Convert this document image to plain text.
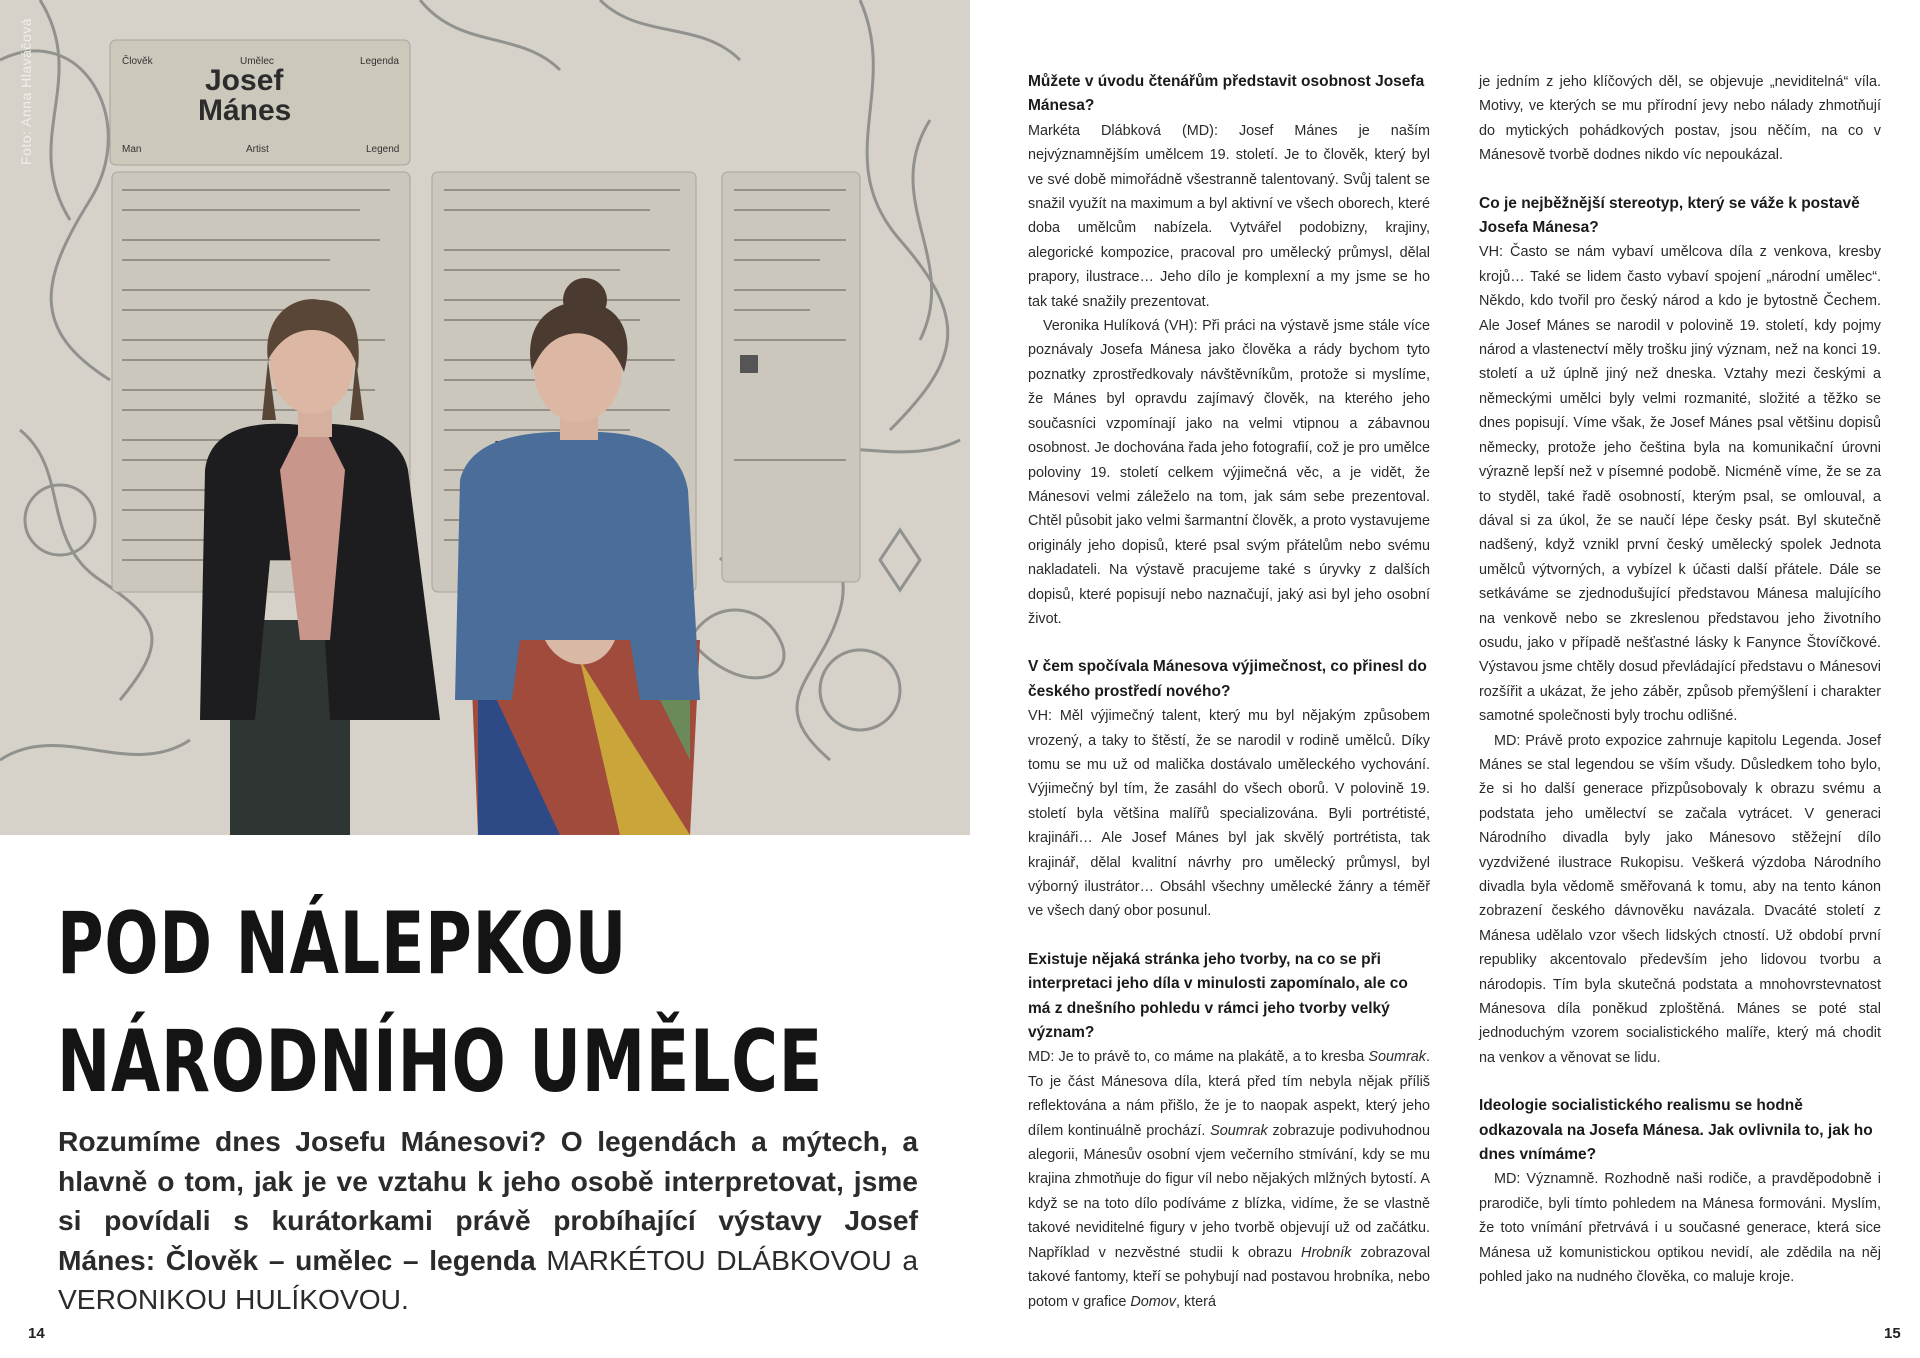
Člověk	Umělec	Legenda
Josef
Mánes
Man	Artist	Legend
Foto: Anna Hlaváčová
POD NÁLEPKOU
NÁRODNÍHO UMĚLCE
Rozumíme dnes Josefu Mánesovi? O legendách a mýtech, a hlavně o tom, jak je ve vztahu k jeho osobě interpretovat, jsme si povídali s kurátorkami právě probíhající výstavy Josef Mánes: Člověk – umělec – legenda MARKÉTOU DLÁBKOVOU a VERONIKOU HULÍKOVOU.
14	15
Můžete v úvodu čtenářům představit osobnost Josefa Mánesa?

Markéta Dlábková (MD): Josef Mánes je naším nejvýznamnějším umělcem 19. století. Je to člověk, který byl ve své době mimořádně všestranně talentovaný. Svůj talent se snažil využít na maximum a byl aktivní ve všech oborech, které doba umělcům nabízela. Vytvářel podobizny, krajiny, alegorické kompozice, pracoval pro umělecký průmysl, dělal prapory, ilustrace… Jeho dílo je komplexní a my jsme se ho tak také snažily prezentovat.

Veronika Hulíková (VH): Při práci na výstavě jsme stále více poznávaly Josefa Mánesa jako člověka a rády bychom tyto poznatky zprostředkovaly návštěvníkům, protože si myslíme, že Mánes byl opravdu zajímavý člověk, na kterého jeho současníci vzpomínají jako na velmi vtipnou a zábavnou osobnost. Je dochována řada jeho fotografií, což je pro umělce poloviny 19. století celkem výjimečná věc, a je vidět, že Mánesovi velmi záleželo na tom, jak sám sebe prezentoval. Chtěl působit jako velmi šarmantní člověk, a proto vystavujeme originály jeho dopisů, které psal svým přátelům nebo svému nakladateli. Na výstavě pracujeme také s úryvky z dalších dopisů, které popisují nebo naznačují, jaký asi byl jeho osobní život.

V čem spočívala Mánesova výjimečnost, co přinesl do českého prostředí nového?

VH: Měl výjimečný talent, který mu byl nějakým způsobem vrozený, a taky to štěstí, že se narodil v rodině umělců. Díky tomu se mu už od malička dostávalo uměleckého vychování. Výjimečný byl tím, že zasáhl do všech oborů. V polovině 19. století byla většina malířů specializována. Byli portrétisté, krajináři… Ale Josef Mánes byl jak skvělý portrétista, tak krajinář, dělal kvalitní návrhy pro umělecký průmysl, byl výborný ilustrátor… Obsáhl všechny umělecké žánry a téměř ve všech daný obor posunul.

Existuje nějaká stránka jeho tvorby, na co se při interpretaci jeho díla v minulosti zapomínalo, ale co má z dnešního pohledu v rámci jeho tvorby velký význam?

MD: Je to právě to, co máme na plakátě, a to kresba Soumrak. To je část Mánesova díla, která před tím nebyla nějak příliš reflektována a nám přišlo, že je to naopak aspekt, který jeho dílem kontinuálně prochází. Soumrak zobrazuje podivuhodnou alegorii, Mánesův osobní vjem večerního stmívání, kdy se mu krajina zhmotňuje do figur víl nebo nějakých mlžných bytostí. A když se na toto dílo podíváme z blízka, vidíme, že se vlastně takové neviditelné figury v jeho tvorbě objevují už od začátku. Například v nezvěstné studii k obrazu Hrobník zobrazoval takové fantomy, kteří se pohybují nad postavou hrobníka, nebo potom v grafice Domov, která

je jedním z jeho klíčových děl, se objevuje „neviditelná“ víla. Motivy, ve kterých se mu přírodní jevy nebo nálady zhmotňují do mytických pohádkových postav, jsou něčím, na co v Mánesově tvorbě dodnes nikdo víc nepoukázal.

Co je nejběžnější stereotyp, který se váže k postavě Josefa Mánesa?

VH: Často se nám vybaví umělcova díla z venkova, kresby krojů… Také se lidem často vybaví spojení „národní umělec“. Někdo, kdo tvořil pro český národ a kdo je bytostně Čechem. Ale Josef Mánes se narodil v polovině 19. století, kdy pojmy národ a vlastenectví měly trošku jiný význam, než na konci 19. století a už úplně jiný než dneska. Vztahy mezi českými a německými umělci byly velmi rozmanité, složité a těžko se dnes popisují. Víme však, že Josef Mánes psal většinu dopisů německy, protože jeho čeština byla na komunikační úrovni výrazně lepší než v písemné podobě. Nicméně víme, že se za to styděl, také řadě osobností, kterým psal, se omlouval, a dával si za úkol, že se naučí lépe česky psát. Byl skutečně nadšený, když vznikl první český umělecký spolek Jednota umělců výtvorných, a vybízel k účasti další přátele. Dále se setkáváme se zjednodušující představou Mánesa malujícího na venkově nebo se zkreslenou představou jeho životního osudu, jako v případě nešťastné lásky k Fanynce Štovíčkové. Výstavou jsme chtěly dosud převládající představu o Mánesovi rozšířit a ukázat, že jeho záběr, způsob přemýšlení i charakter samotné společnosti byly trochu odlišné.

MD: Právě proto expozice zahrnuje kapitolu Legenda. Josef Mánes se stal legendou se vším všudy. Důsledkem toho bylo, že si ho další generace přizpůsobovaly k obrazu svému a podstata jeho umělectví se začala vytrácet. V generaci Národního divadla byly jako Mánesovo stěžejní dílo vyzdvižené ilustrace Rukopisu. Veškerá výzdoba Národního divadla byla vědomě směřovaná k tomu, aby na tento kánon zobrazení českého dávnověku navázala. Dvacáté století z Mánesa udělalo vzor všech lidských ctností. Už období první republiky akcentovalo především jeho lidovou tvorbu a národopis. Tím byla skutečná podstata a mnohovrstevnatost Mánesova díla poněkud zploštěná. Mánes se poté stal jednoduchým vzorem socialistického malíře, který má chodit na venkov a věnovat se lidu.

Ideologie socialistického realismu se hodně odkazovala na Josefa Mánesa. Jak ovlivnila to, jak ho dnes vnímáme?

MD: Významně. Rozhodně naši rodiče, a pravděpodobně i prarodiče, byli tímto pohledem na Mánesa formováni. Myslím, že toto vnímání přetrvává i u současné generace, která sice Mánesa už komunistickou optikou nevidí, ale zdědila na něj pohled jako na nudného člověka, co maluje kroje.
